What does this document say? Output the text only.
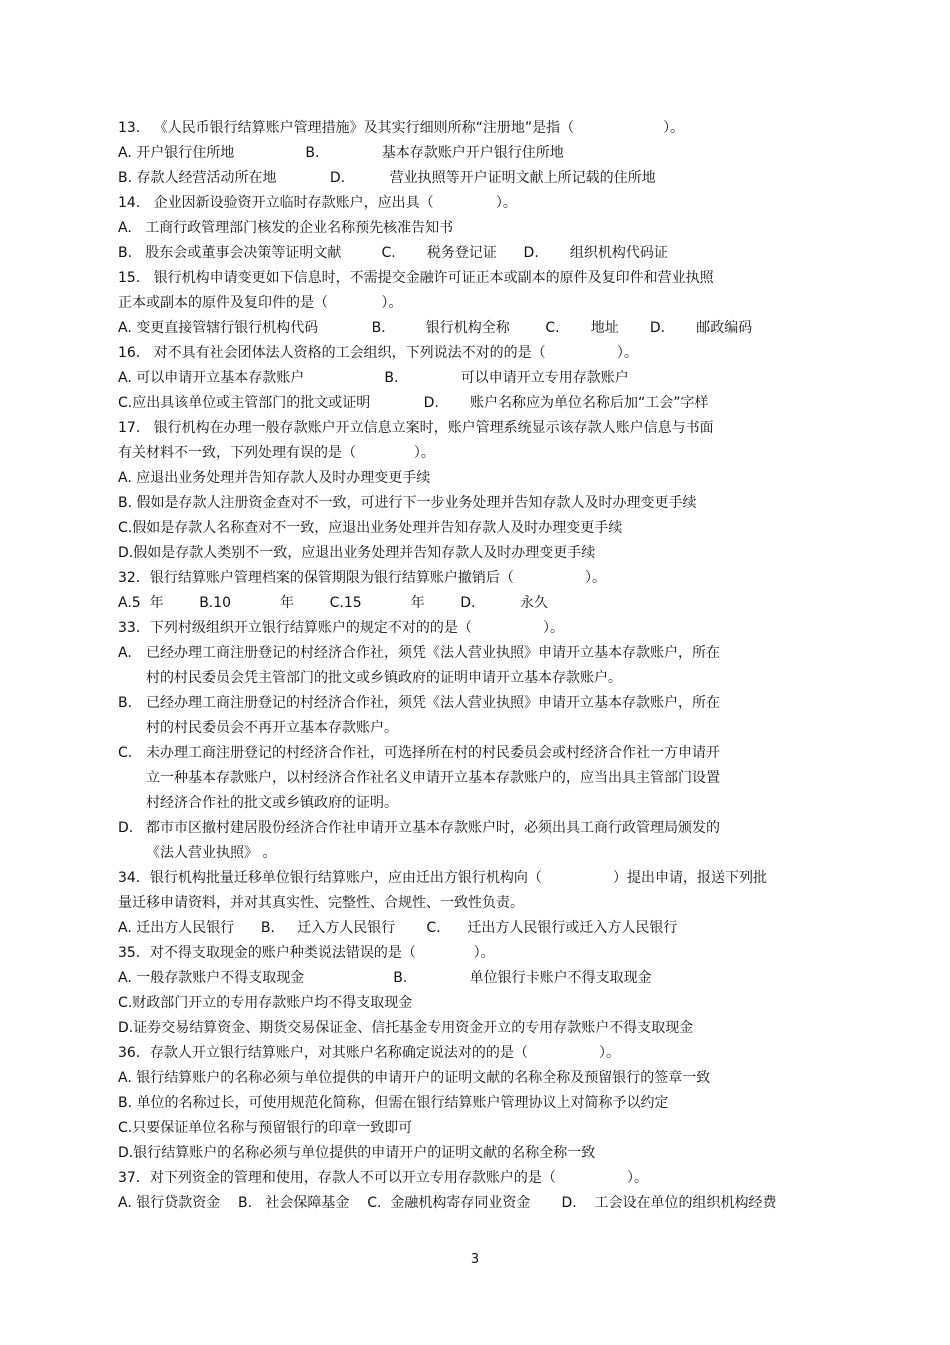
13.   《人民币银行结算账户管理措施》及其实行细则所称“注册地”是指（                    ）。

A. 开户银行住所地                B.              基本存款账户开户银行住所地

B. 存款人经营活动所在地            D.          营业执照等开户证明文献上所记载的住所地

14.   企业因新设验资开立临时存款账户，应出具（              ）。

A.   工商行政管理部门核发的企业名称预先核准告知书

B.   股东会或董事会决策等证明文献         C.       税务登记证      D.       组织机构代码证

15.   银行机构申请变更如下信息时，不需提交金融许可证正本或副本的原件及复印件和营业执照

正本或副本的原件及复印件的是（            ）。

A. 变更直接管辖行银行机构代码            B.         银行机构全称        C.       地址       D.       邮政编码

16.   对不具有社会团体法人资格的工会组织，下列说法不对的的是（                ）。

A. 可以申请开立基本存款账户                  B.              可以申请开立专用存款账户

C.应出具该单位或主管部门的批文或证明            D.       账户名称应为单位名称后加“工会”字样

17.   银行机构在办理一般存款账户开立信息立案时，账户管理系统显示该存款人账户信息与书面

有关材料不一致，下列处理有误的是（             ）。

A. 应退出业务处理并告知存款人及时办理变更手续

B. 假如是存款人注册资金查对不一致，可进行下一步业务处理并告知存款人及时办理变更手续

C.假如是存款人名称查对不一致，应退出业务处理并告知存款人及时办理变更手续

D.假如是存款人类别不一致，应退出业务处理并告知存款人及时办理变更手续

32．银行结算账户管理档案的保管期限为银行结算账户撤销后（                ）。

A.5  年        B.10           年        C.15           年        D.          永久

33．下列村级组织开立银行结算账户的规定不对的的是（                ）。

A. 已经办理工商注册登记的村经济合作社，须凭《法人营业执照》申请开立基本存款账户，所在

村的村民委员会凭主管部门的批文或乡镇政府的证明申请开立基本存款账户。

B. 已经办理工商注册登记的村经济合作社，须凭《法人营业执照》申请开立基本存款账户，所在

村的村民委员会不再开立基本存款账户。

C. 未办理工商注册登记的村经济合作社，可选择所在村的村民委员会或村经济合作社一方申请开

立一种基本存款账户，以村经济合作社名义申请开立基本存款账户的，应当出具主管部门设置

村经济合作社的批文或乡镇政府的证明。

D. 都市市区撤村建居股份经济合作社申请开立基本存款账户时，必须出具工商行政管理局颁发的

《法人营业执照》 。

34．银行机构批量迁移单位银行结算账户，应由迁出方银行机构向（                ）提出申请，报送下列批

量迁移申请资料，并对其真实性、完整性、合规性、一致性负责。

A. 迁出方人民银行      B.     迁入方人民银行       C.      迁出方人民银行或迁入方人民银行

35．对不得支取现金的账户种类说法错误的是（             ）。

A. 一般存款账户不得支取现金                    B.              单位银行卡账户不得支取现金

C.财政部门开立的专用存款账户均不得支取现金

D.证券交易结算资金、期货交易保证金、信托基金专用资金开立的专用存款账户不得支取现金

36．存款人开立银行结算账户，对其账户名称确定说法对的的是（                ）。

A. 银行结算账户的名称必须与单位提供的申请开户的证明文献的名称全称及预留银行的签章一致

B. 单位的名称过长，可使用规范化简称，但需在银行结算账户管理协议上对简称予以约定

C.只要保证单位名称与预留银行的印章一致即可

D.银行结算账户的名称必须与单位提供的申请开户的证明文献的名称全称一致

37．对下列资金的管理和使用，存款人不可以开立专用存款账户的是（                ）。

A. 银行贷款资金    B.   社会保障基金    C.  金融机构寄存同业资金       D.    工会设在单位的组织机构经费

3
